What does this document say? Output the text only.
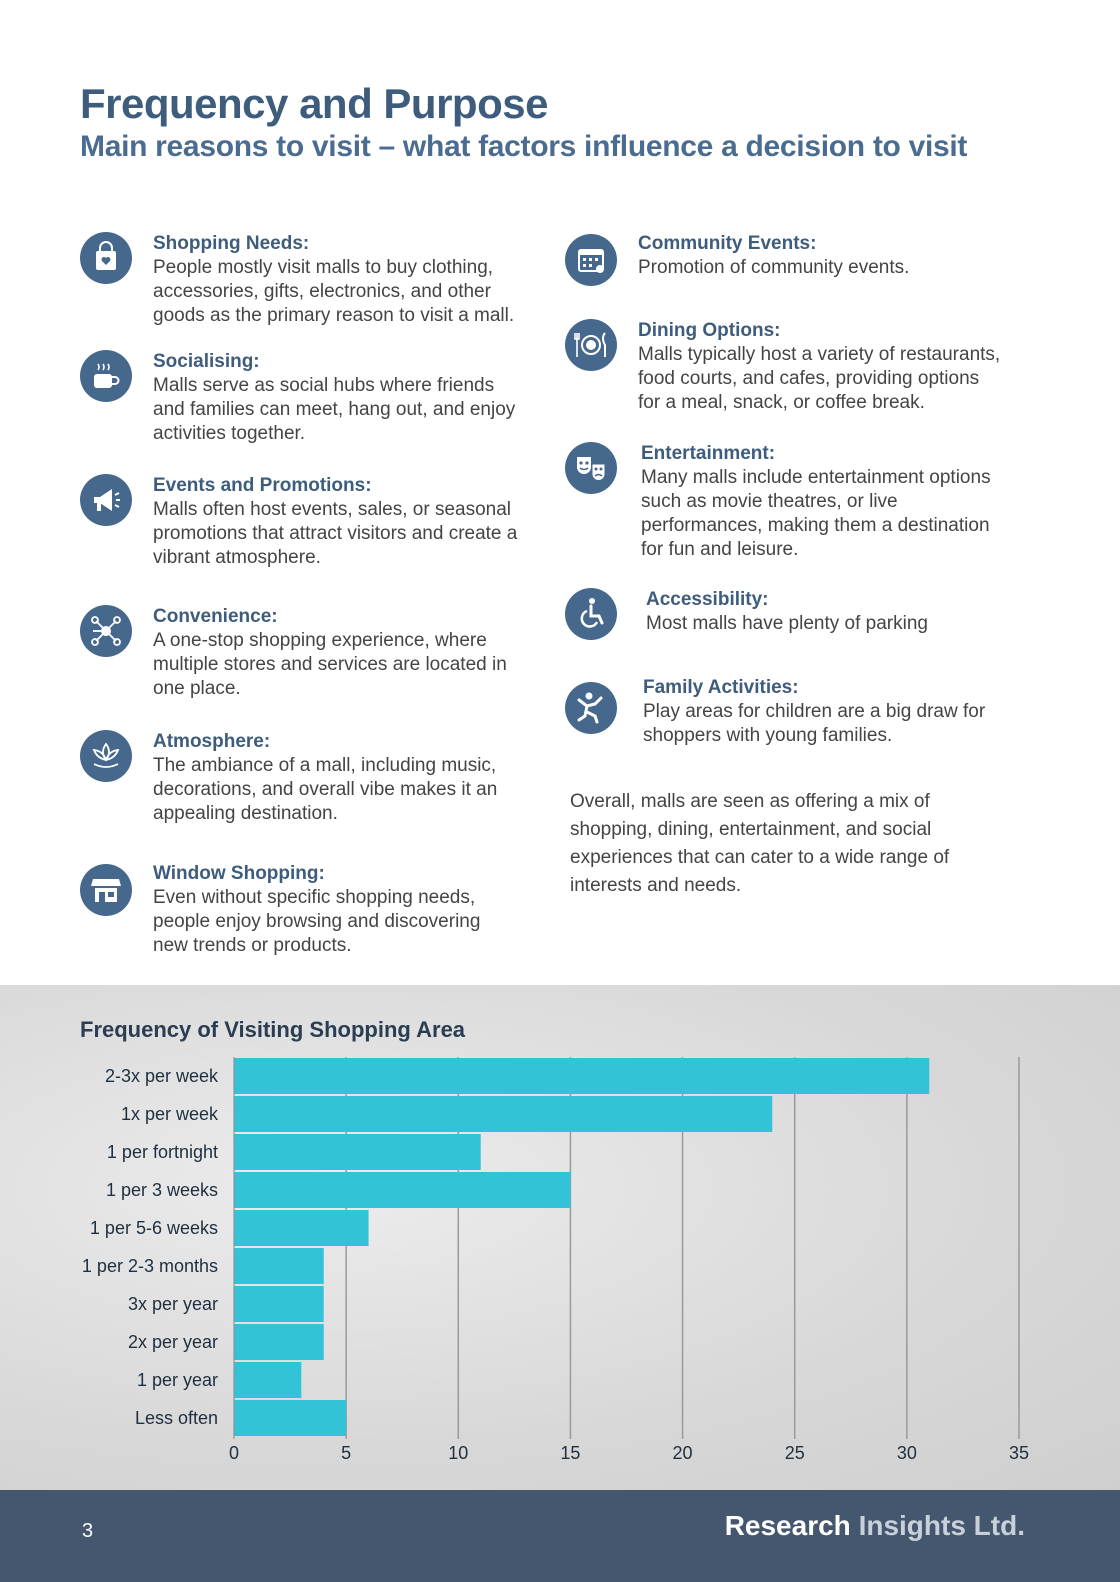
Frequency and Purpose
Main reasons to visit – what factors influence a decision to visit
Shopping Needs:

People mostly visit malls to buy clothing,

accessories, gifts, electronics, and other

goods as the primary reason to visit a mall.

Socialising:

Malls serve as social hubs where friends

and families can meet, hang out, and enjoy

activities together.

Events and Promotions:

Malls often host events, sales, or seasonal

promotions that attract visitors and create a

vibrant atmosphere.

Convenience:

A one-stop shopping experience, where

multiple stores and services are located in

one place.

Atmosphere:

The ambiance of a mall, including music,

decorations, and overall vibe makes it an

appealing destination.

Window Shopping:

Even without specific shopping needs,

people enjoy browsing and discovering

new trends or products.

Community Events:

Promotion of community events.

Dining Options:

Malls typically host a variety of restaurants,

food courts, and cafes, providing options

for a meal, snack, or coffee break.

Entertainment:

Many malls include entertainment options

such as movie theatres, or live

performances, making them a destination

for fun and leisure.

Accessibility:

Most malls have plenty of parking

Family Activities:

Play areas for children are a big draw for

shoppers with young families.

Overall, malls are seen as offering a mix of
shopping, dining, entertainment, and social
experiences that can cater to a wide range of
interests and needs.
Frequency of Visiting Shopping Area
2-3x per week
1x per week
1 per fortnight
1 per 3 weeks
1 per 5-6 weeks
1 per 2-3 months
3x per year
2x per year
1 per year
Less often
0	5	10	15	20	25	30	35
3	Research Insights Ltd.
